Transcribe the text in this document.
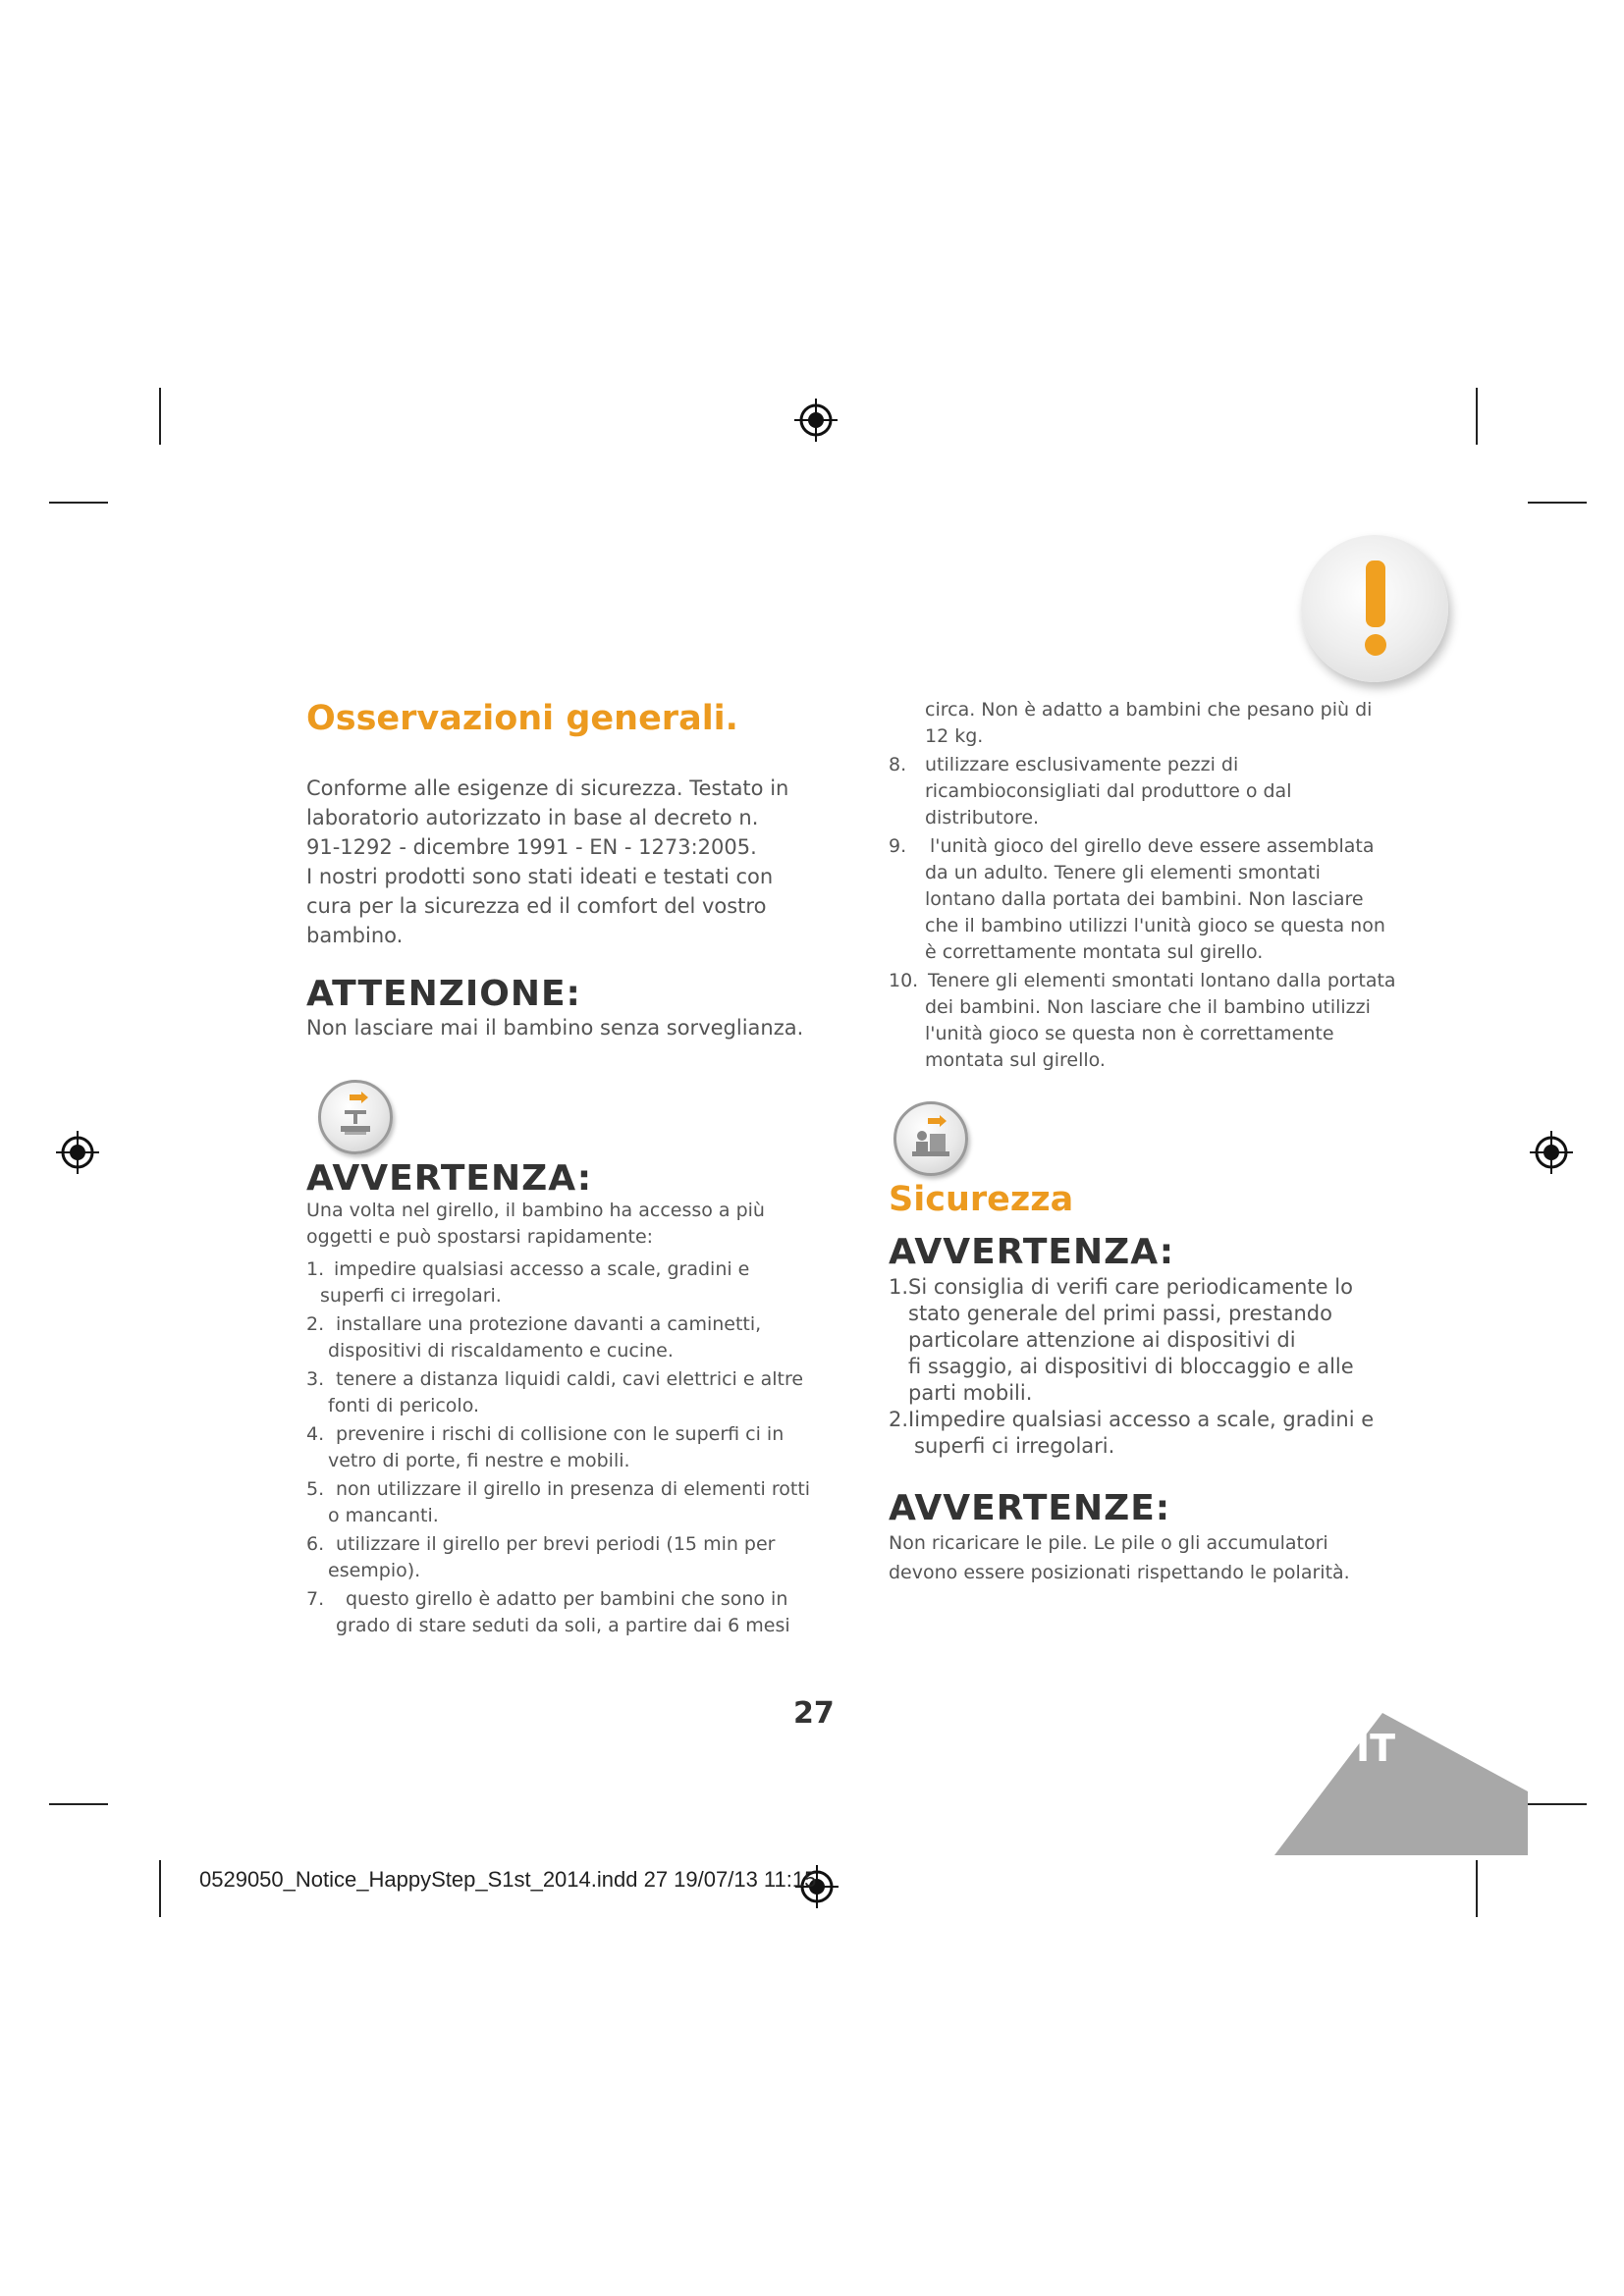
Osservazioni generali.

Conforme alle esigenze di sicurezza. Testato in

laboratorio autorizzato in base al decreto n.

91-1292 - dicembre 1991 - EN - 1273:2005.

I nostri prodotti sono stati ideati e testati con

cura per la sicurezza ed il comfort del vostro

bambino.

ATTENZIONE:

Non lasciare mai il bambino senza sorveglianza.

AVVERTENZA:

Una volta nel girello, il bambino ha accesso a più

oggetti e può spostarsi rapidamente:

1. impedire qualsiasi accesso a scale, gradini e
superfi ci irregolari.
2. installare una protezione davanti a caminetti,
dispositivi di riscaldamento e cucine.
3. tenere a distanza liquidi caldi, cavi elettrici e altre
fonti di pericolo.
4. prevenire i rischi di collisione con le superfi ci in
vetro di porte, fi nestre e mobili.
5. non utilizzare il girello in presenza di elementi rotti
o mancanti.
6. utilizzare il girello per brevi periodi (15 min per
esempio).
7.	questo girello è adatto per bambini che sono in
grado di stare seduti da soli, a partire dai 6 mesi

circa. Non è adatto a bambini che pesano più di

12 kg.

8. utilizzare esclusivamente pezzi di
ricambioconsigliati dal produttore o dal
distributore.
9.	l'unità gioco del girello deve essere assemblata
da un adulto. Tenere gli elementi smontati
lontano dalla portata dei bambini. Non lasciare
che il bambino utilizzi l'unità gioco se questa non
è correttamente montata sul girello.
10. Tenere gli elementi smontati lontano dalla portata
dei bambini. Non lasciare che il bambino utilizzi
l'unità gioco se questa non è correttamente
montata sul girello.
Sicurezza
AVVERTENZA:
1. Si consiglia di verifi care periodicamente lo
stato generale del primi passi, prestando
particolare attenzione ai dispositivi di
fi ssaggio, ai dispositivi di bloccaggio e alle
parti mobili.
2. Iimpedire qualsiasi accesso a scale, gradini e
superfi ci irregolari.
AVVERTENZE:

Non ricaricare le pile. Le pile o gli accumulatori

devono essere posizionati rispettando le polarità.

27
IT
0529050_Notice_HappyStep_S1st_2014.indd 27 19/07/13 11:15
